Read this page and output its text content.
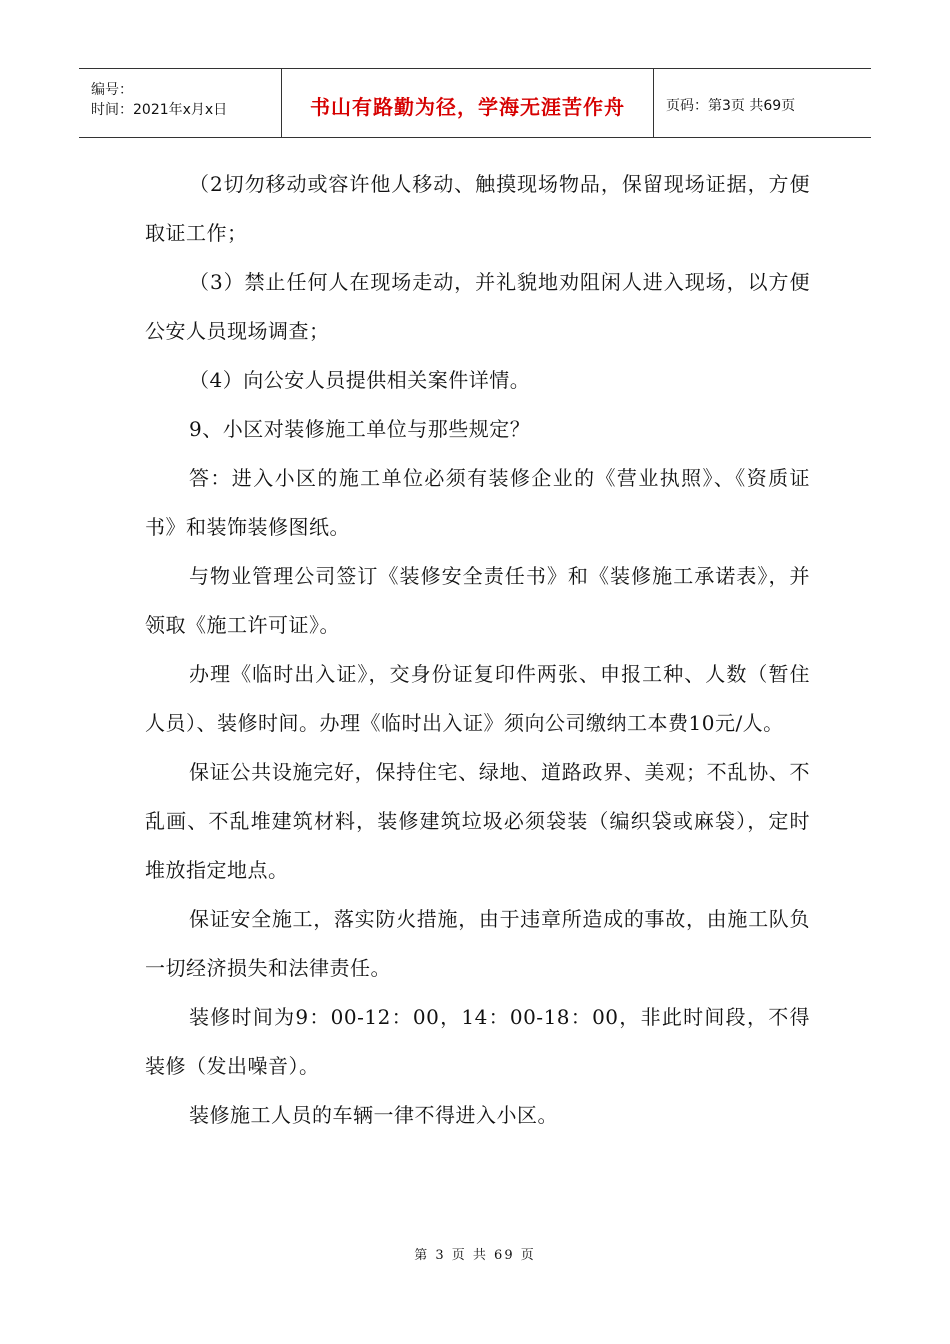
编号：
时间：2021年x月x日	书山有路勤为径，学海无涯苦作舟	页码：第3页 共69页

（2切勿移动或容许他人移动、触摸现场物品，保留现场证据，方便取证工作；

（3）禁止任何人在现场走动，并礼貌地劝阻闲人进入现场，以方便公安人员现场调查；

（4）向公安人员提供相关案件详情。

9、小区对装修施工单位与那些规定？

答：进入小区的施工单位必须有装修企业的《营业执照》、《资质证书》和装饰装修图纸。

与物业管理公司签订《装修安全责任书》和《装修施工承诺表》，并领取《施工许可证》。

办理《临时出入证》，交身份证复印件两张、申报工种、人数（暂住人员）、装修时间。办理《临时出入证》须向公司缴纳工本费10元/人。

保证公共设施完好，保持住宅、绿地、道路政界、美观；不乱协、不乱画、不乱堆建筑材料，装修建筑垃圾必须袋装（编织袋或麻袋），定时堆放指定地点。

保证安全施工，落实防火措施，由于违章所造成的事故，由施工队负一切经济损失和法律责任。

装修时间为9：00-12：00，14：00-18：00，非此时间段，不得装修（发出噪音）。

装修施工人员的车辆一律不得进入小区。

第 3 页 共 69 页
